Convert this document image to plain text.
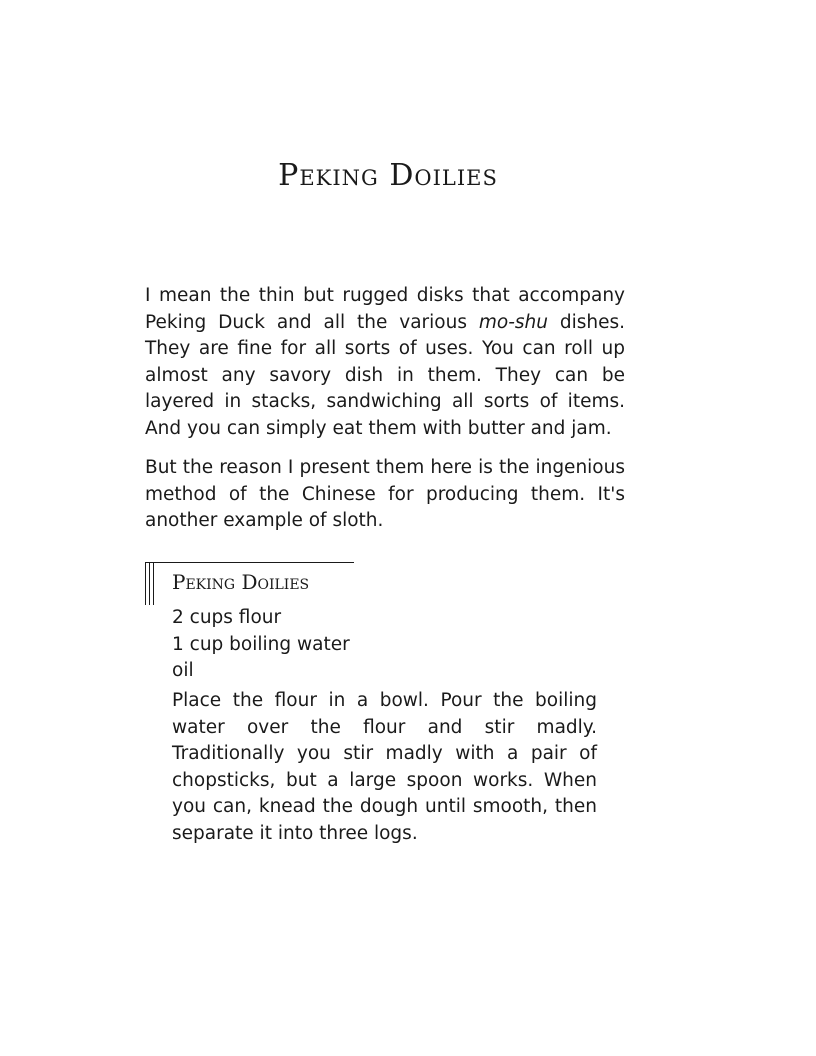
Peking Doilies

I mean the thin but rugged disks that accompany Peking Duck and all the various mo-shu dishes. They are fine for all sorts of uses. You can roll up almost any savory dish in them. They can be layered in stacks, sandwiching all sorts of items. And you can simply eat them with butter and jam.

But the reason I present them here is the ingenious method of the Chinese for producing them. It's another example of sloth.

Peking Doilies
2 cups flour
1 cup boiling water
oil

Place the flour in a bowl. Pour the boiling water over the flour and stir madly. Traditionally you stir madly with a pair of chopsticks, but a large spoon works. When you can, knead the dough until smooth, then separate it into three logs.
